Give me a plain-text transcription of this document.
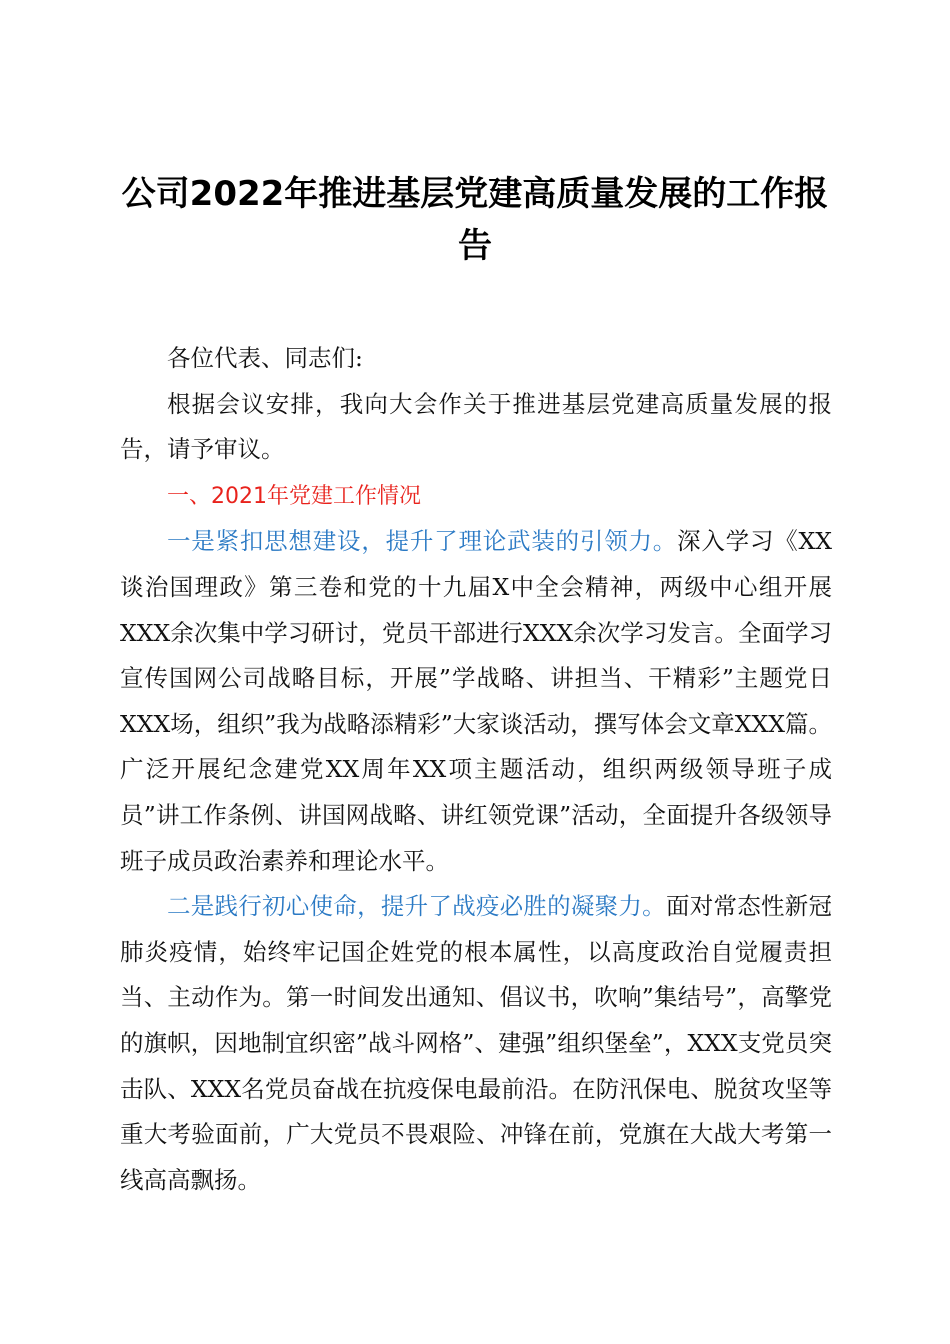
公司2022年推进基层党建高质量发展的工作报告

各位代表、同志们:

根据会议安排，我向大会作关于推进基层党建高质量发展的报告，请予审议。

一、2021年党建工作情况

一是紧扣思想建设，提升了理论武装的引领力。深入学习《XX谈治国理政》第三卷和党的十九届X中全会精神，两级中心组开展XXX余次集中学习研讨，党员干部进行XXX余次学习发言。全面学习宣传国网公司战略目标，开展”学战略、讲担当、干精彩”主题党日XXX场，组织”我为战略添精彩”大家谈活动，撰写体会文章XXX篇。广泛开展纪念建党XX周年XX项主题活动，组织两级领导班子成员”讲工作条例、讲国网战略、讲红领党课”活动，全面提升各级领导班子成员政治素养和理论水平。

二是践行初心使命，提升了战疫必胜的凝聚力。面对常态性新冠肺炎疫情，始终牢记国企姓党的根本属性，以高度政治自觉履责担当、主动作为。第一时间发出通知、倡议书，吹响”集结号”，高擎党的旗帜，因地制宜织密”战斗网格”、建强”组织堡垒”，XXX支党员突击队、XXX名党员奋战在抗疫保电最前沿。在防汛保电、脱贫攻坚等重大考验面前，广大党员不畏艰险、冲锋在前，党旗在大战大考第一线高高飘扬。
